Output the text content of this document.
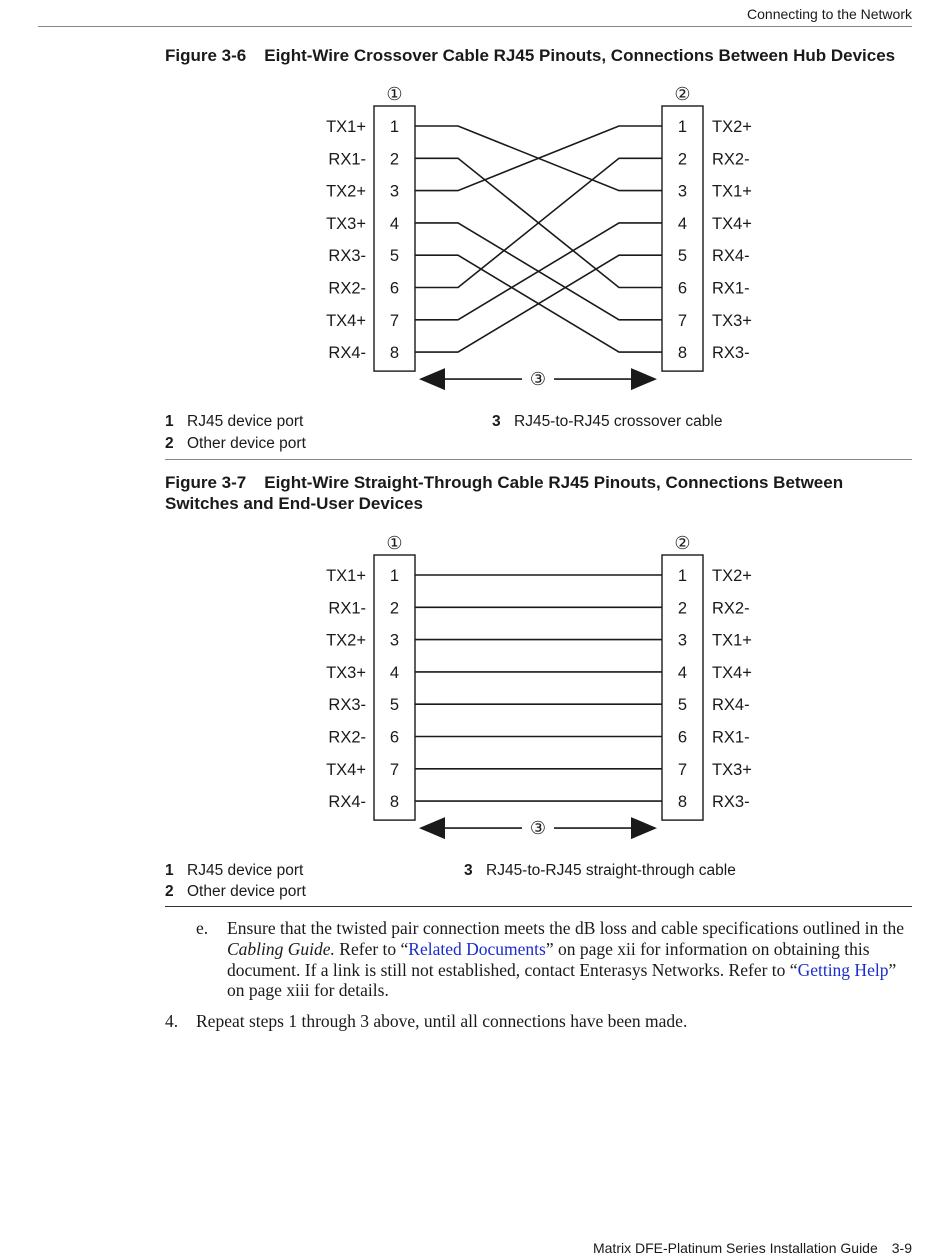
Connecting to the Network
Figure 3-6 Eight-Wire Crossover Cable RJ45 Pinouts, Connections Between Hub Devices
①	②
TX1+ 1
RX1- 2
TX2+ 3
TX3+ 4
RX3- 5
RX2- 6
TX4+ 7
RX4- 8
1 TX2+
2 RX2-
3 TX1+
4 TX4+
5 RX4-
6 RX1-
7 TX3+
8 RX3-
③
1 RJ45 device port
2 Other device port
3 RJ45-to-RJ45 crossover cable
Figure 3-7 Eight-Wire Straight-Through Cable RJ45 Pinouts, Connections Between Switches and End-User Devices
①	②
TX1+ 1
RX1- 2
TX2+ 3
TX3+ 4
RX3- 5
RX2- 6
TX4+ 7
RX4- 8
1 TX2+
2 RX2-
3 TX1+
4 TX4+
5 RX4-
6 RX1-
7 TX3+
8 RX3-
③
1 RJ45 device port
2 Other device port
3 RJ45-to-RJ45 straight-through cable
e. Ensure that the twisted pair connection meets the dB loss and cable specifications outlined in the Cabling Guide. Refer to “Related Documents” on page xii for information on obtaining this document. If a link is still not established, contact Enterasys Networks. Refer to “Getting Help” on page xiii for details.
4. Repeat steps 1 through 3 above, until all connections have been made.
Matrix DFE-Platinum Series Installation Guide 3-9
